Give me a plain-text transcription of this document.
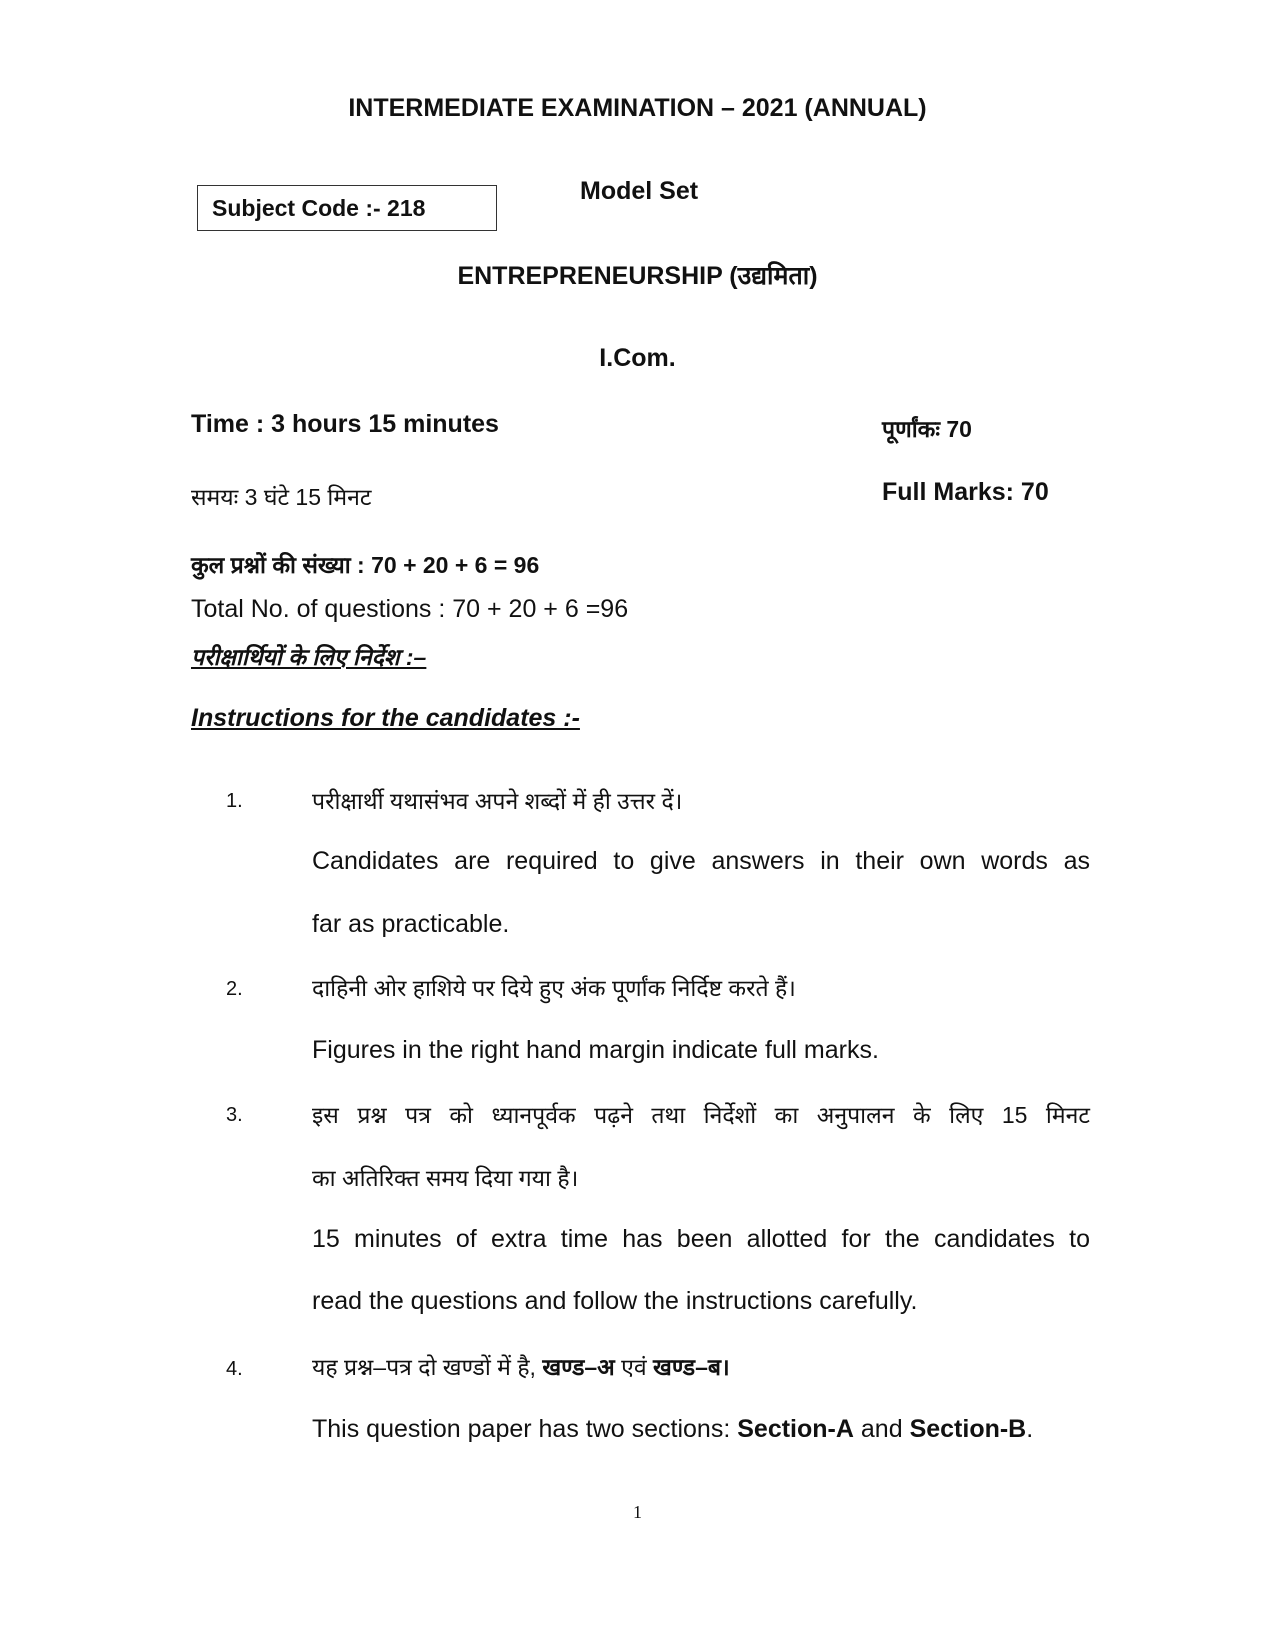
INTERMEDIATE EXAMINATION – 2021 (ANNUAL)
Subject Code :- 218
Model Set
ENTREPRENEURSHIP (उद्यमिता)
I.Com.
Time : 3 hours 15 minutes	पूर्णांकः 70
समयः 3 घंटे 15 मिनट	Full Marks: 70
कुल प्रश्नों की संख्या : 70 + 20 + 6 = 96
Total No. of questions : 70 + 20 + 6 =96
परीक्षार्थियों के लिए निर्देश :–
Instructions for the candidates :-
1.	परीक्षार्थी यथासंभव अपने शब्दों में ही उत्तर दें।
Candidates are required to give answers in their own words as
far as practicable.
2.	दाहिनी ओर हाशिये पर दिये हुए अंक पूर्णांक निर्दिष्ट करते हैं।
Figures in the right hand margin indicate full marks.
3.	इस प्रश्न पत्र को ध्यानपूर्वक पढ़ने तथा निर्देशों का अनुपालन के लिए 15 मिनट
का अतिरिक्त समय दिया गया है।
15 minutes of extra time has been allotted for the candidates to
read the questions and follow the instructions carefully.
4.	यह प्रश्न–पत्र दो खण्डों में है, खण्ड–अ एवं खण्ड–ब।
This question paper has two sections: Section-A and Section-B.
1
